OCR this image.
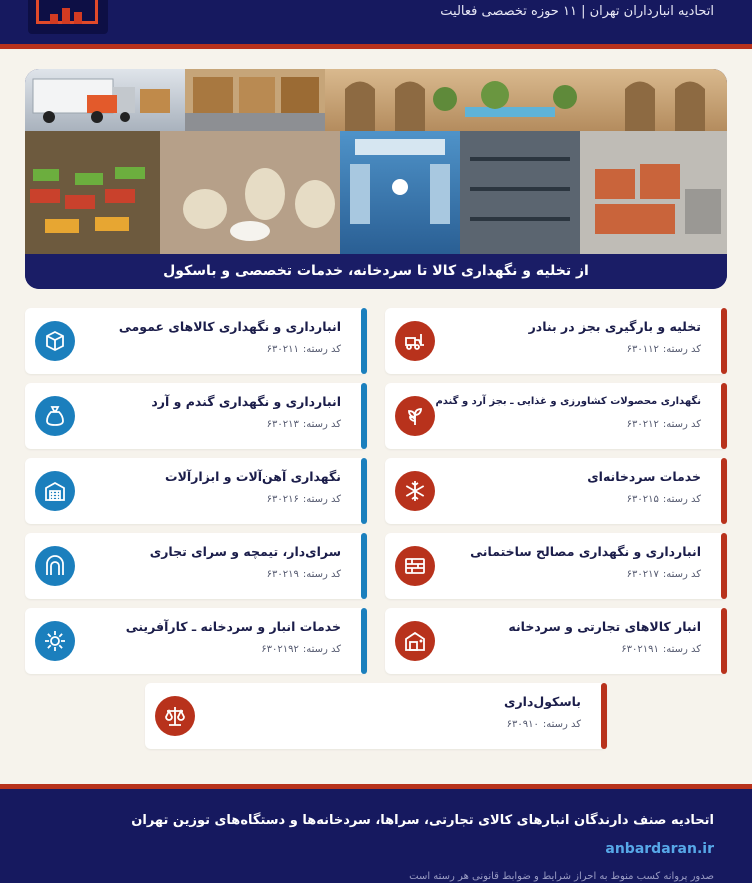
اتحادیه انبارداران تهران | ۱۱ حوزه تخصصی فعالیت
از تخلیه و نگهداری کالا تا سردخانه، خدمات تخصصی و باسکول
تخلیه و بارگیری بجز در بنادر
کد رسته:۶۳۰۱۱۲
انبارداری و نگهداری کالاهای عمومی
کد رسته:۶۳۰۲۱۱
نگهداری محصولات کشاورزی و غذایی ـ بجز آرد و گندم
کد رسته:۶۳۰۲۱۲
انبارداری و نگهداری گندم و آرد
کد رسته:۶۳۰۲۱۳
خدمات سردخانه‌ای
کد رسته:۶۳۰۲۱۵
نگهداری آهن‌آلات و ابزارآلات
کد رسته:۶۳۰۲۱۶
انبارداری و نگهداری مصالح ساختمانی
کد رسته:۶۳۰۲۱۷
سرای‌دار، تیمچه و سرای تجاری
کد رسته:۶۳۰۲۱۹
انبار کالاهای تجارتی و سردخانه
کد رسته:۶۳۰۲۱۹۱
خدمات انبار و سردخانه ـ کارآفرینی
کد رسته:۶۳۰۲۱۹۲
باسکول‌داری
کد رسته:۶۳۰۹۱۰
اتحادیه صنف دارندگان انبارهای کالای تجارتی، سراها، سردخانه‌ها و دستگاه‌های توزین تهران
anbardaran.ir
صدور پروانه کسب منوط به احراز شرایط و ضوابط قانونی هر رسته است
